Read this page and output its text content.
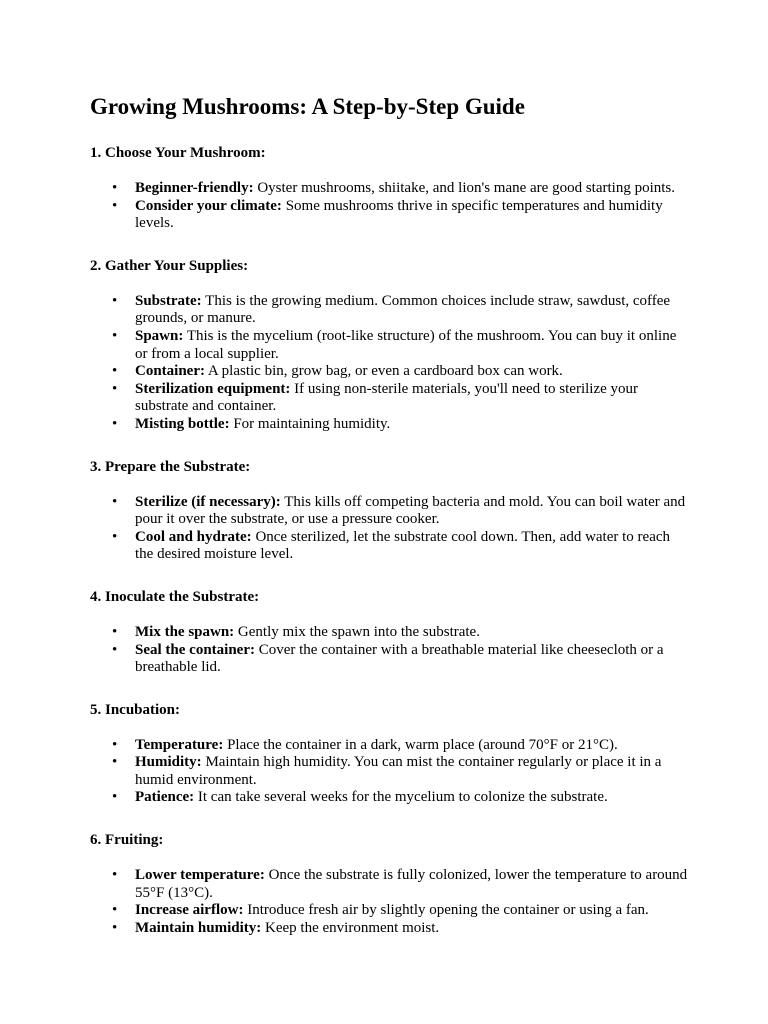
Growing Mushrooms: A Step-by-Step Guide

1. Choose Your Mushroom:

•	Beginner-friendly: Oyster mushrooms, shiitake, and lion's mane are good starting points.
•	Consider your climate: Some mushrooms thrive in specific temperatures and humidity levels.

2. Gather Your Supplies:

•	Substrate: This is the growing medium. Common choices include straw, sawdust, coffee grounds, or manure.
•	Spawn: This is the mycelium (root-like structure) of the mushroom. You can buy it online or from a local supplier.
•	Container: A plastic bin, grow bag, or even a cardboard box can work.
•	Sterilization equipment: If using non-sterile materials, you'll need to sterilize your substrate and container.
•	Misting bottle: For maintaining humidity.

3. Prepare the Substrate:

•	Sterilize (if necessary): This kills off competing bacteria and mold. You can boil water and pour it over the substrate, or use a pressure cooker.
•	Cool and hydrate: Once sterilized, let the substrate cool down. Then, add water to reach the desired moisture level.

4. Inoculate the Substrate:

•	Mix the spawn: Gently mix the spawn into the substrate.
•	Seal the container: Cover the container with a breathable material like cheesecloth or a breathable lid.

5. Incubation:

•	Temperature: Place the container in a dark, warm place (around 70°F or 21°C).
•	Humidity: Maintain high humidity. You can mist the container regularly or place it in a humid environment.
•	Patience: It can take several weeks for the mycelium to colonize the substrate.

6. Fruiting:

•	Lower temperature: Once the substrate is fully colonized, lower the temperature to around 55°F (13°C).
•	Increase airflow: Introduce fresh air by slightly opening the container or using a fan.
•	Maintain humidity: Keep the environment moist.
